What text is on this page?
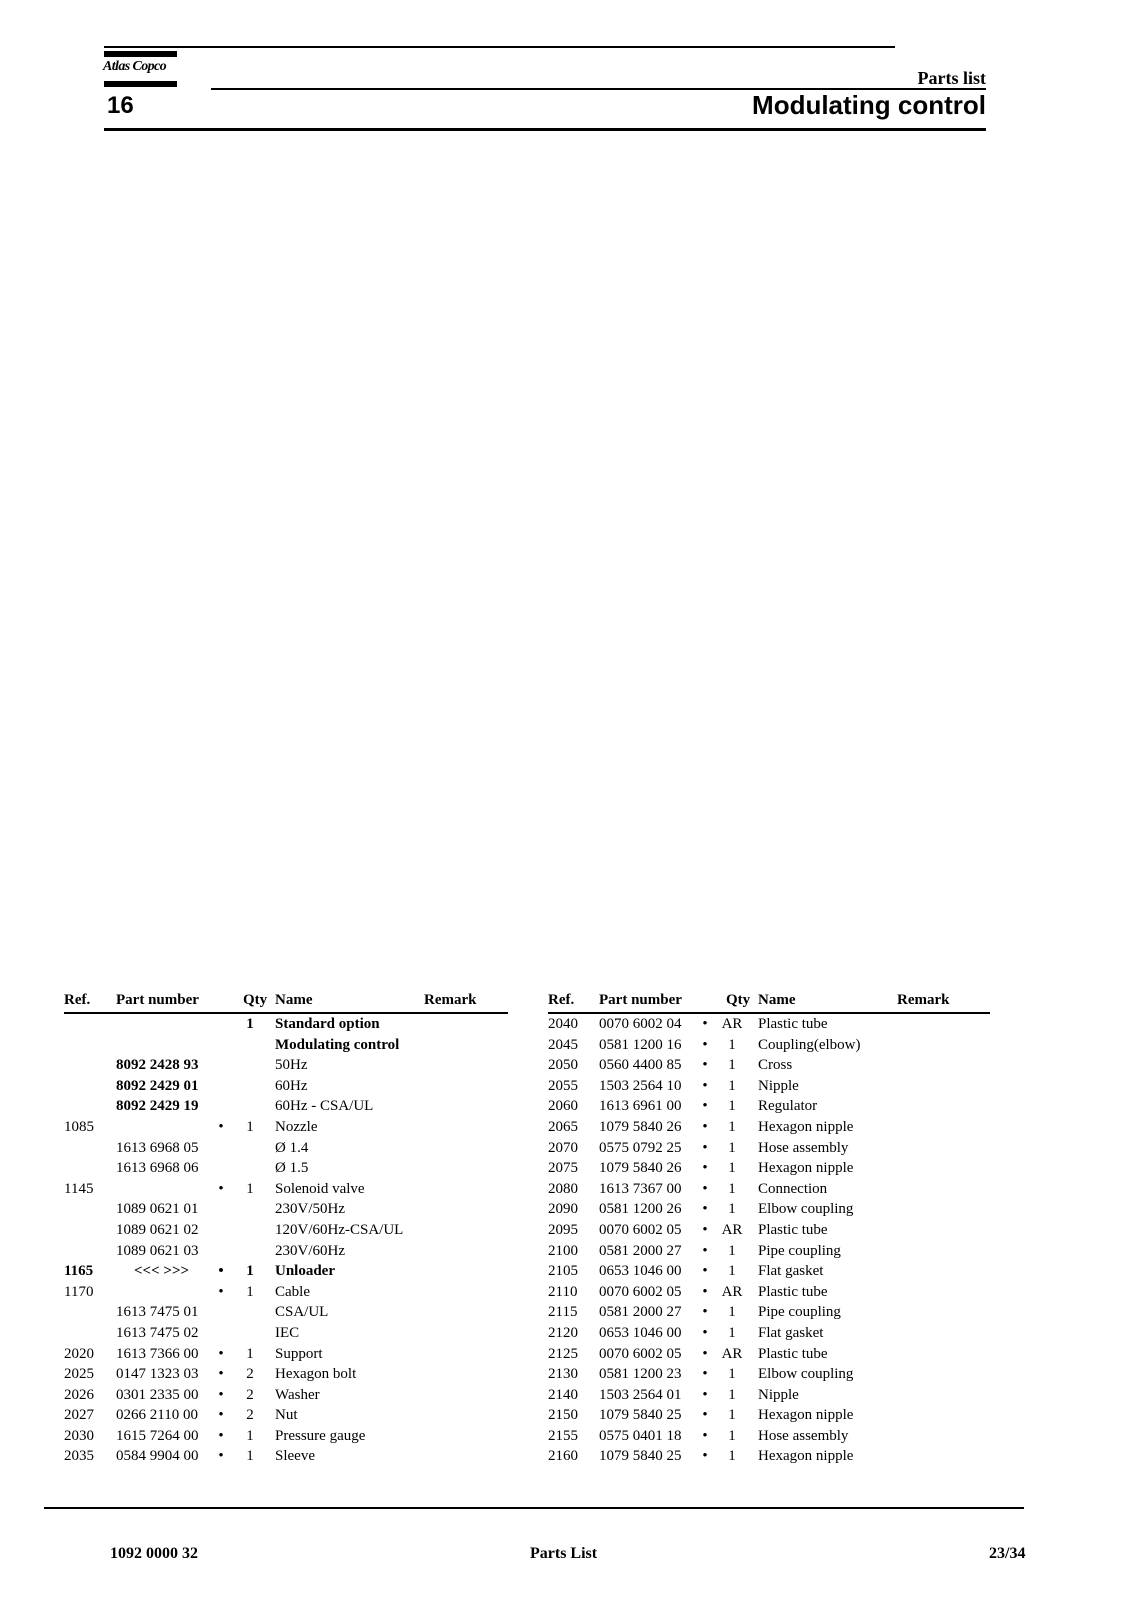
Atlas Copco
Parts list
16	Modulating control
Ref. Part number	Qty Name	Remark
1	Standard option
Modulating control
8092 2428 93	50Hz
8092 2429 01	60Hz
8092 2429 19	60Hz - CSA/UL
1085	•	1	Nozzle
1613 6968 05	Ø 1.4
1613 6968 06	Ø 1.5
1145	•	1	Solenoid valve
1089 0621 01	230V/50Hz
1089 0621 02	120V/60Hz-CSA/UL
1089 0621 03	230V/60Hz
1165	<<< >>> •	1	Unloader
1170	•	1	Cable
1613 7475 01	CSA/UL
1613 7475 02	IEC
2020 1613 7366 00 •	1	Support
2025 0147 1323 03 •	2	Hexagon bolt
2026 0301 2335 00 •	2	Washer
2027 0266 2110 00 •	2	Nut
2030 1615 7264 00 •	1	Pressure gauge
2035 0584 9904 00 •	1	Sleeve
Ref. Part number	Qty Name	Remark
2040 0070 6002 04 • AR Plastic tube
2045 0581 1200 16 •	1	Coupling(elbow)
2050 0560 4400 85 •	1	Cross
2055 1503 2564 10 •	1	Nipple
2060 1613 6961 00 •	1	Regulator
2065 1079 5840 26 •	1	Hexagon nipple
2070 0575 0792 25 •	1	Hose assembly
2075 1079 5840 26 •	1	Hexagon nipple
2080 1613 7367 00 •	1	Connection
2090 0581 1200 26 •	1	Elbow coupling
2095 0070 6002 05 • AR Plastic tube
2100 0581 2000 27 •	1	Pipe coupling
2105 0653 1046 00 •	1	Flat gasket
2110 0070 6002 05 • AR Plastic tube
2115 0581 2000 27 •	1	Pipe coupling
2120 0653 1046 00 •	1	Flat gasket
2125 0070 6002 05 • AR Plastic tube
2130 0581 1200 23 •	1	Elbow coupling
2140 1503 2564 01 •	1	Nipple
2150 1079 5840 25 •	1	Hexagon nipple
2155 0575 0401 18 •	1	Hose assembly
2160 1079 5840 25 •	1	Hexagon nipple
1092 0000 32	Parts List	23/34
